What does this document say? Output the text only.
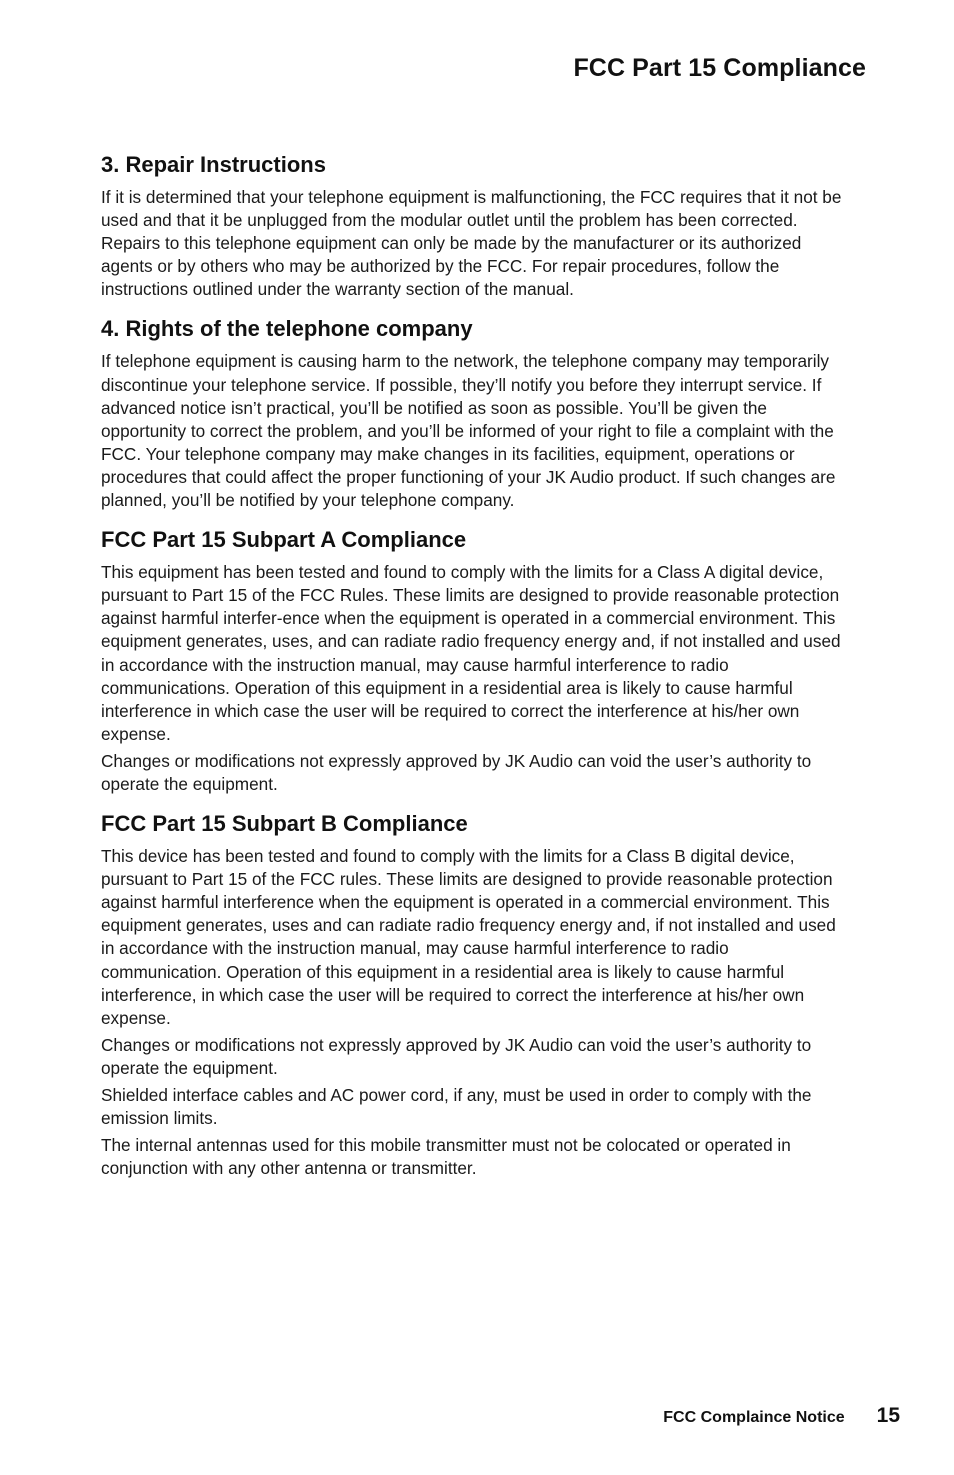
FCC Part 15 Compliance
3. Repair Instructions

If it is determined that your telephone equipment is malfunctioning, the FCC requires that it not be used and that it be unplugged from the modular outlet until the problem has been corrected. Repairs to this telephone equipment can only be made by the manufacturer or its authorized agents or by others who may be authorized by the FCC. For repair procedures, follow the instructions outlined under the warranty section of the manual.

4. Rights of the telephone company

If telephone equipment is causing harm to the network, the telephone company may temporarily discontinue your telephone service. If possible, they’ll notify you before they interrupt service. If advanced notice isn’t practical, you’ll be notified as soon as possible. You’ll be given the opportunity to correct the problem, and you’ll be informed of your right to file a complaint with the FCC. Your telephone company may make changes in its facilities, equipment, operations or procedures that could affect the proper functioning of your JK Audio product. If such changes are planned, you’ll be notified by your telephone company.

FCC Part 15 Subpart A Compliance

This equipment has been tested and found to comply with the limits for a Class A digital device, pursuant to Part 15 of the FCC Rules. These limits are designed to provide reasonable protection against harmful interfer-ence when the equipment is operated in a commercial environment. This equipment generates, uses, and can radiate radio frequency energy and, if not installed and used in accordance with the instruction manual, may cause harmful interference to radio communications. Operation of this equipment in a residential area is likely to cause harmful interference in which case the user will be required to correct the interference at his/her own expense.

Changes or modifications not expressly approved by JK Audio can void the user’s authority to operate the equipment.

FCC Part 15 Subpart B Compliance

This device has been tested and found to comply with the limits for a Class B digital device, pursuant to Part 15 of the FCC rules. These limits are designed to provide reasonable protection against harmful interference when the equipment is operated in a commercial environment. This equipment generates, uses and can radiate radio frequency energy and, if not installed and used in accordance with the instruction manual, may cause harmful interference to radio communication. Operation of this equipment in a residential area is likely to cause harmful interference, in which case the user will be required to correct the interference at his/her own expense.

Changes or modifications not expressly approved by JK Audio can void the user’s authority to operate the equipment.

Shielded interface cables and AC power cord, if any, must be used in order to comply with the emission limits.

The internal antennas used for this mobile transmitter must not be colocated or operated in conjunction with any other antenna or transmitter.

FCC Complaince Notice 15
